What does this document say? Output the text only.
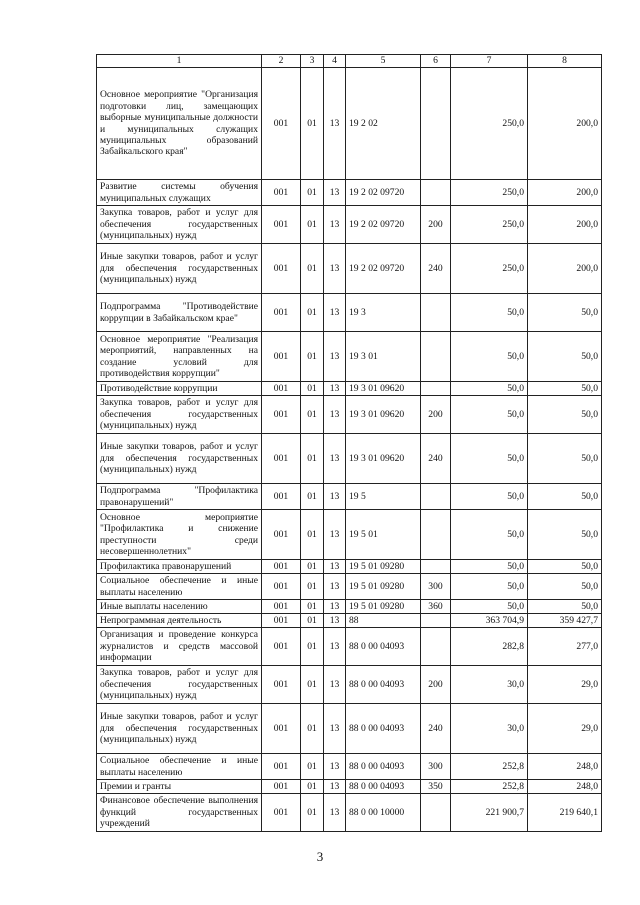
1	2	3	4	5	6	7	8
Основное мероприятие "Организация подготовки лиц, замещающих выборные муниципальные должности и муниципальных служащих муниципальных образований Забайкальского края"	001	01	13	19 2 02		250,0	200,0
Развитие системы обучения муниципальных служащих	001	01	13	19 2 02 09720		250,0	200,0
Закупка товаров, работ и услуг для обеспечения государственных (муниципальных) нужд	001	01	13	19 2 02 09720	200	250,0	200,0
Иные закупки товаров, работ и услуг для обеспечения государственных (муниципальных) нужд	001	01	13	19 2 02 09720	240	250,0	200,0
Подпрограмма "Противодействие коррупции в Забайкальском крае"	001	01	13	19 3		50,0	50,0
Основное мероприятие "Реализация мероприятий, направленных на создание условий для противодействия коррупции"	001	01	13	19 3 01		50,0	50,0
Противодействие коррупции	001	01	13	19 3 01 09620		50,0	50,0
Закупка товаров, работ и услуг для обеспечения государственных (муниципальных) нужд	001	01	13	19 3 01 09620	200	50,0	50,0
Иные закупки товаров, работ и услуг для обеспечения государственных (муниципальных) нужд	001	01	13	19 3 01 09620	240	50,0	50,0
Подпрограмма "Профилактика правонарушений"	001	01	13	19 5		50,0	50,0
Основное мероприятие "Профилактика и снижение преступности среди несовершеннолетних"	001	01	13	19 5 01		50,0	50,0
Профилактика правонарушений	001	01	13	19 5 01 09280		50,0	50,0
Социальное обеспечение и иные выплаты населению	001	01	13	19 5 01 09280	300	50,0	50,0
Иные выплаты населению	001	01	13	19 5 01 09280	360	50,0	50,0
Непрограммная деятельность	001	01	13	88		363 704,9	359 427,7
Организация и проведение конкурса журналистов и средств массовой информации	001	01	13	88 0 00 04093		282,8	277,0
Закупка товаров, работ и услуг для обеспечения государственных (муниципальных) нужд	001	01	13	88 0 00 04093	200	30,0	29,0
Иные закупки товаров, работ и услуг для обеспечения государственных (муниципальных) нужд	001	01	13	88 0 00 04093	240	30,0	29,0
Социальное обеспечение и иные выплаты населению	001	01	13	88 0 00 04093	300	252,8	248,0
Премии и гранты	001	01	13	88 0 00 04093	350	252,8	248,0
Финансовое обеспечение выполнения функций государственных учреждений	001	01	13	88 0 00 10000		221 900,7	219 640,1
3
